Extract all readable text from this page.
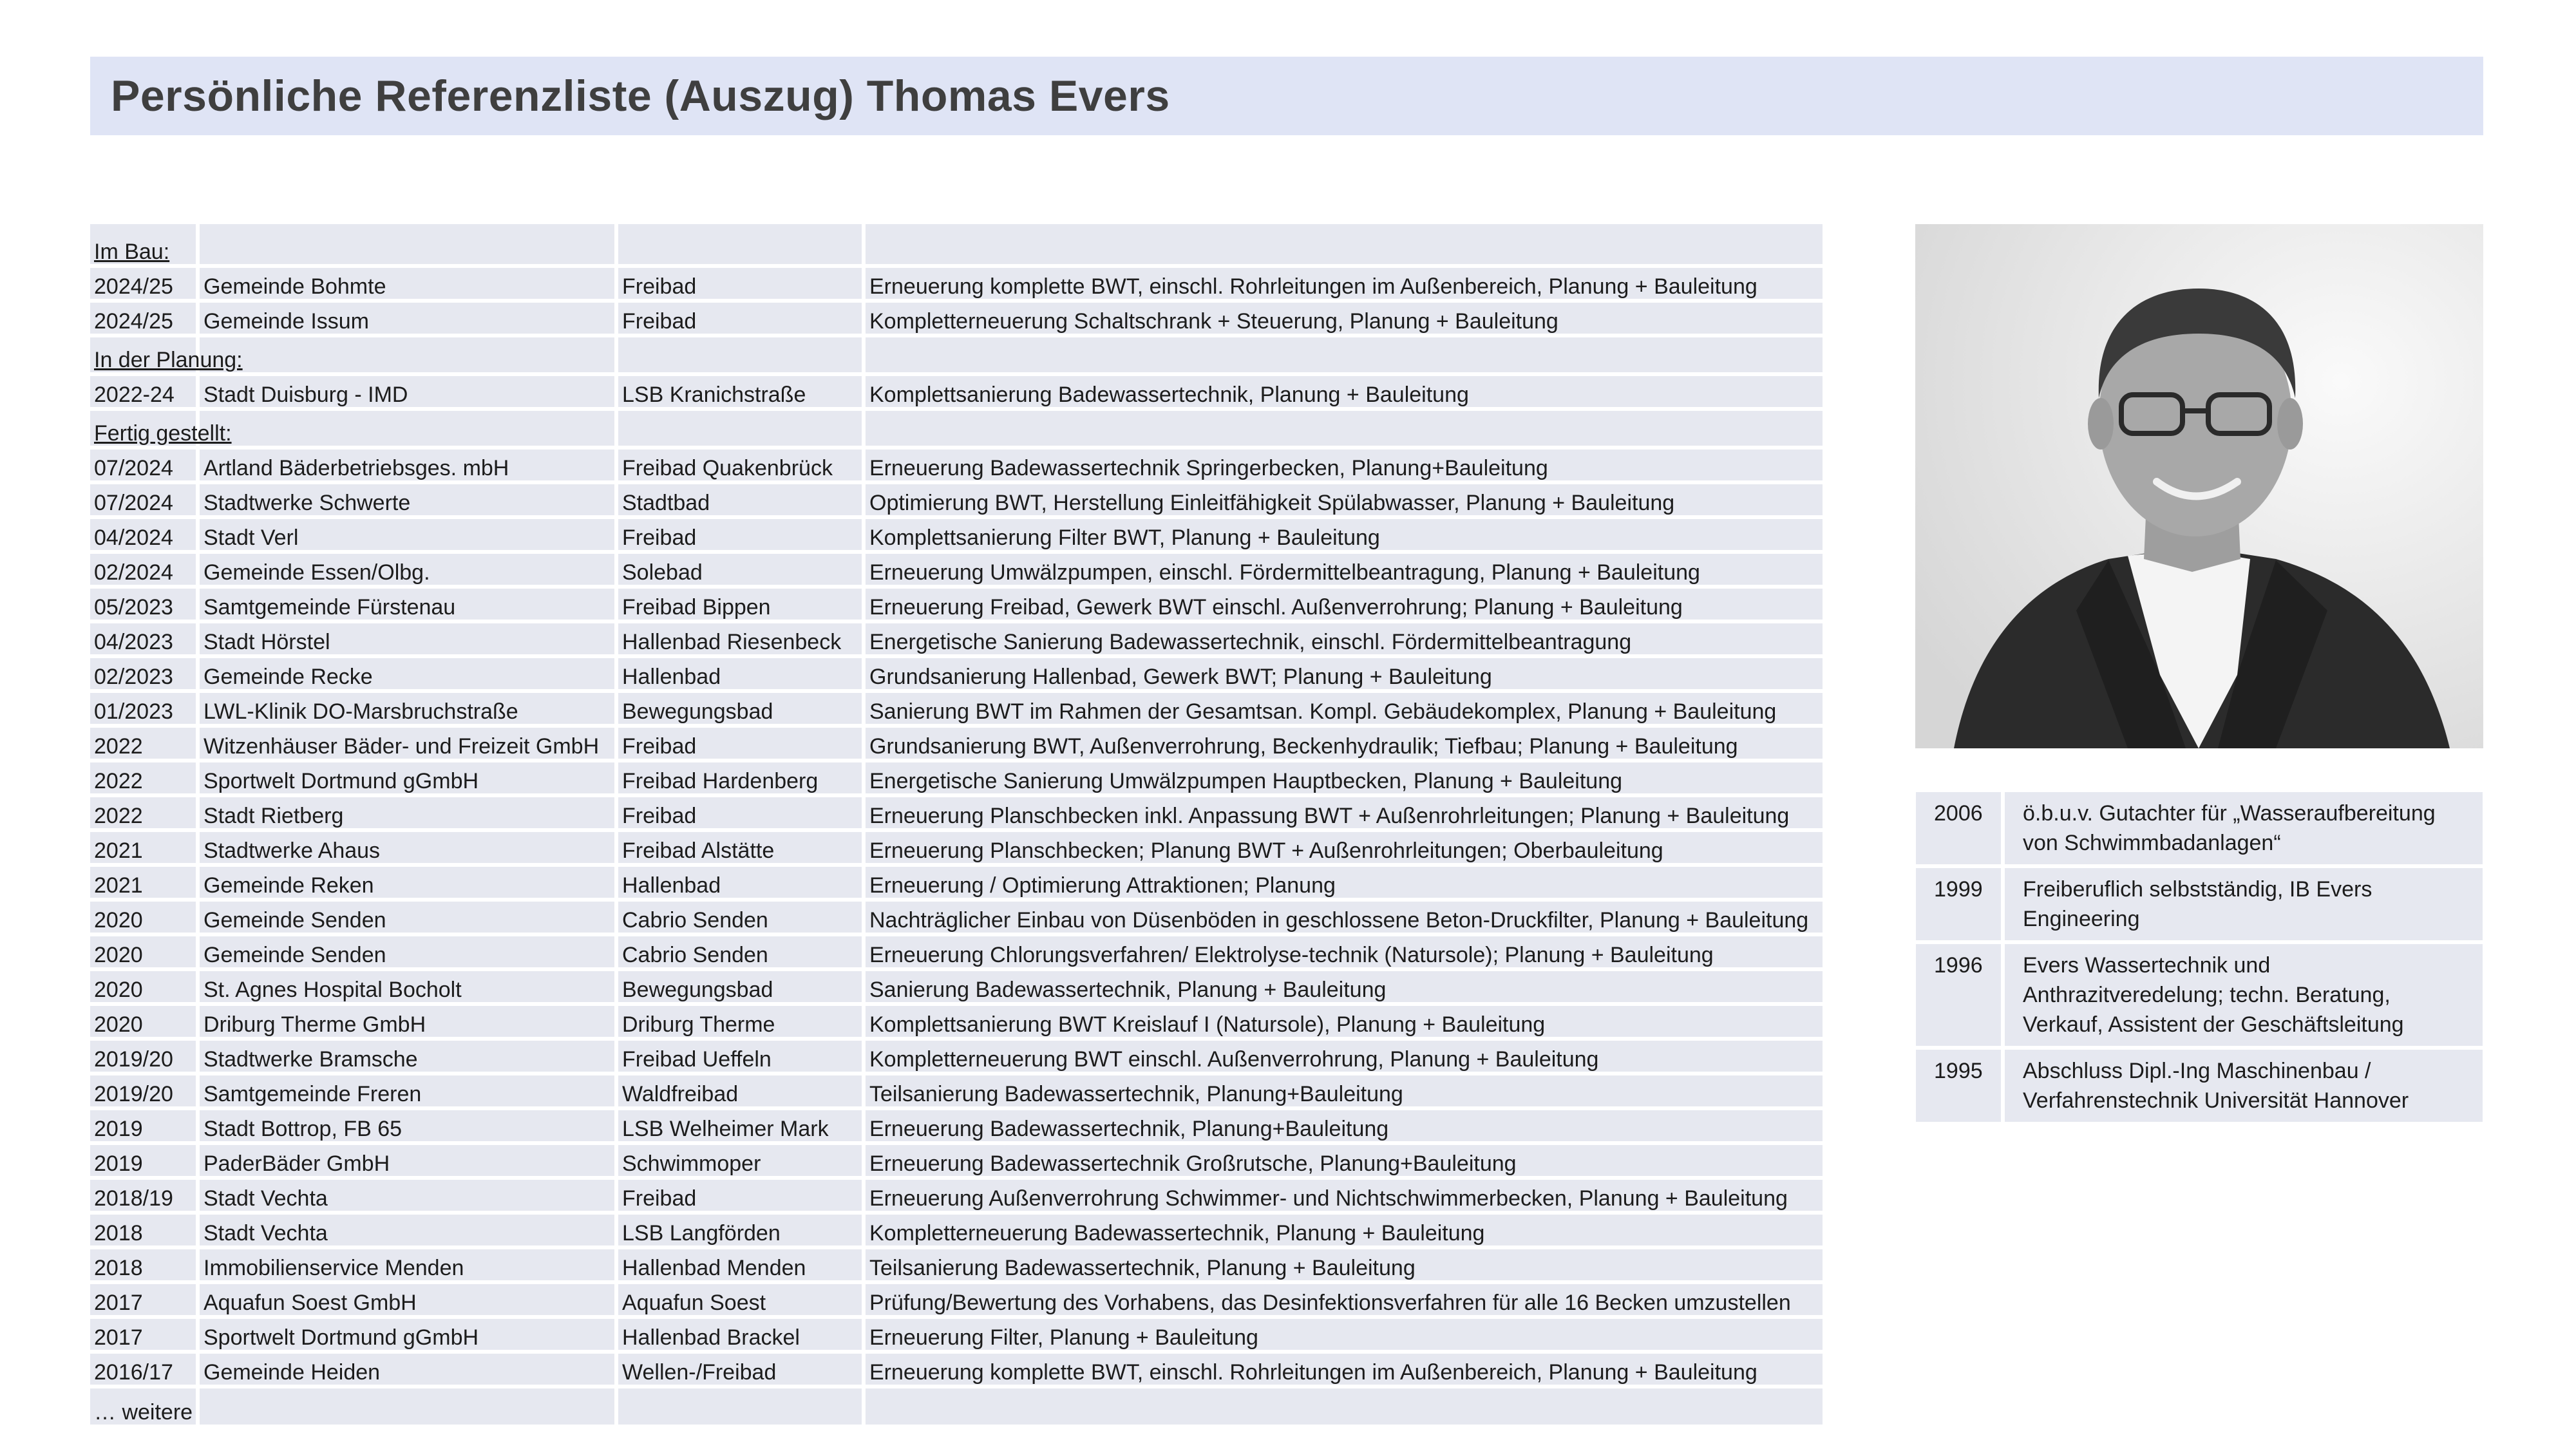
Persönliche Referenzliste (Auszug) Thomas Evers
Im Bau:			
2024/25	Gemeinde Bohmte	Freibad	Erneuerung komplette BWT, einschl. Rohrleitungen im Außenbereich, Planung + Bauleitung
2024/25	Gemeinde Issum	Freibad	Kompletterneuerung Schaltschrank + Steuerung, Planung + Bauleitung
In der Planung:			
2022-24	Stadt Duisburg - IMD	LSB Kranichstraße	Komplettsanierung Badewassertechnik, Planung + Bauleitung
Fertig gestellt:			
07/2024	Artland Bäderbetriebsges. mbH	Freibad Quakenbrück	Erneuerung Badewassertechnik Springerbecken, Planung+Bauleitung
07/2024	Stadtwerke Schwerte	Stadtbad	Optimierung BWT, Herstellung Einleitfähigkeit Spülabwasser, Planung + Bauleitung
04/2024	Stadt Verl	Freibad	Komplettsanierung Filter BWT, Planung + Bauleitung
02/2024	Gemeinde Essen/Olbg.	Solebad	Erneuerung Umwälzpumpen, einschl. Fördermittelbeantragung, Planung + Bauleitung
05/2023	Samtgemeinde Fürstenau	Freibad Bippen	Erneuerung Freibad, Gewerk BWT einschl. Außenverrohrung; Planung + Bauleitung
04/2023	Stadt Hörstel	Hallenbad Riesenbeck	Energetische Sanierung Badewassertechnik, einschl. Fördermittelbeantragung
02/2023	Gemeinde Recke	Hallenbad	Grundsanierung Hallenbad, Gewerk BWT; Planung + Bauleitung
01/2023	LWL-Klinik DO-Marsbruchstraße	Bewegungsbad	Sanierung BWT im Rahmen der Gesamtsan. Kompl. Gebäudekomplex, Planung + Bauleitung
2022	Witzenhäuser Bäder- und Freizeit GmbH	Freibad	Grundsanierung BWT, Außenverrohrung, Beckenhydraulik; Tiefbau; Planung + Bauleitung
2022	Sportwelt Dortmund gGmbH	Freibad Hardenberg	Energetische Sanierung Umwälzpumpen Hauptbecken, Planung + Bauleitung
2022	Stadt Rietberg	Freibad	Erneuerung Planschbecken inkl. Anpassung BWT + Außenrohrleitungen; Planung + Bauleitung
2021	Stadtwerke Ahaus	Freibad Alstätte	Erneuerung Planschbecken; Planung BWT + Außenrohrleitungen; Oberbauleitung
2021	Gemeinde Reken	Hallenbad	Erneuerung / Optimierung Attraktionen; Planung
2020	Gemeinde Senden	Cabrio Senden	Nachträglicher Einbau von Düsenböden in geschlossene Beton-Druckfilter, Planung + Bauleitung
2020	Gemeinde Senden	Cabrio Senden	Erneuerung Chlorungsverfahren/ Elektrolyse-technik (Natursole); Planung + Bauleitung
2020	St. Agnes Hospital Bocholt	Bewegungsbad	Sanierung Badewassertechnik, Planung + Bauleitung
2020	Driburg Therme GmbH	Driburg Therme	Komplettsanierung BWT Kreislauf I (Natursole), Planung + Bauleitung
2019/20	Stadtwerke Bramsche	Freibad Ueffeln	Kompletterneuerung BWT einschl. Außenverrohrung, Planung + Bauleitung
2019/20	Samtgemeinde Freren	Waldfreibad	Teilsanierung Badewassertechnik, Planung+Bauleitung
2019	Stadt Bottrop, FB 65	LSB Welheimer Mark	Erneuerung Badewassertechnik, Planung+Bauleitung
2019	PaderBäder GmbH	Schwimmoper	Erneuerung Badewassertechnik Großrutsche, Planung+Bauleitung
2018/19	Stadt Vechta	Freibad	Erneuerung Außenverrohrung Schwimmer- und Nichtschwimmerbecken, Planung + Bauleitung
2018	Stadt Vechta	LSB Langförden	Kompletterneuerung Badewassertechnik, Planung + Bauleitung
2018	Immobilienservice Menden	Hallenbad Menden	Teilsanierung Badewassertechnik, Planung + Bauleitung
2017	Aquafun Soest GmbH	Aquafun Soest	Prüfung/Bewertung des Vorhabens, das Desinfektionsverfahren für alle 16 Becken umzustellen
2017	Sportwelt Dortmund gGmbH	Hallenbad Brackel	Erneuerung Filter, Planung + Bauleitung
2016/17	Gemeinde Heiden	Wellen-/Freibad	Erneuerung komplette BWT, einschl. Rohrleitungen im Außenbereich, Planung + Bauleitung
… weitere			
2006	ö.b.u.v. Gutachter für „Wasseraufbereitung
von Schwimmbadanlagen“

1999	Freiberuflich selbstständig, IB Evers
Engineering

1996	Evers Wassertechnik und
Anthrazitveredelung; techn. Beratung,
Verkauf, Assistent der Geschäftsleitung

1995	Abschluss Dipl.-Ing Maschinenbau /
Verfahrenstechnik Universität Hannover
